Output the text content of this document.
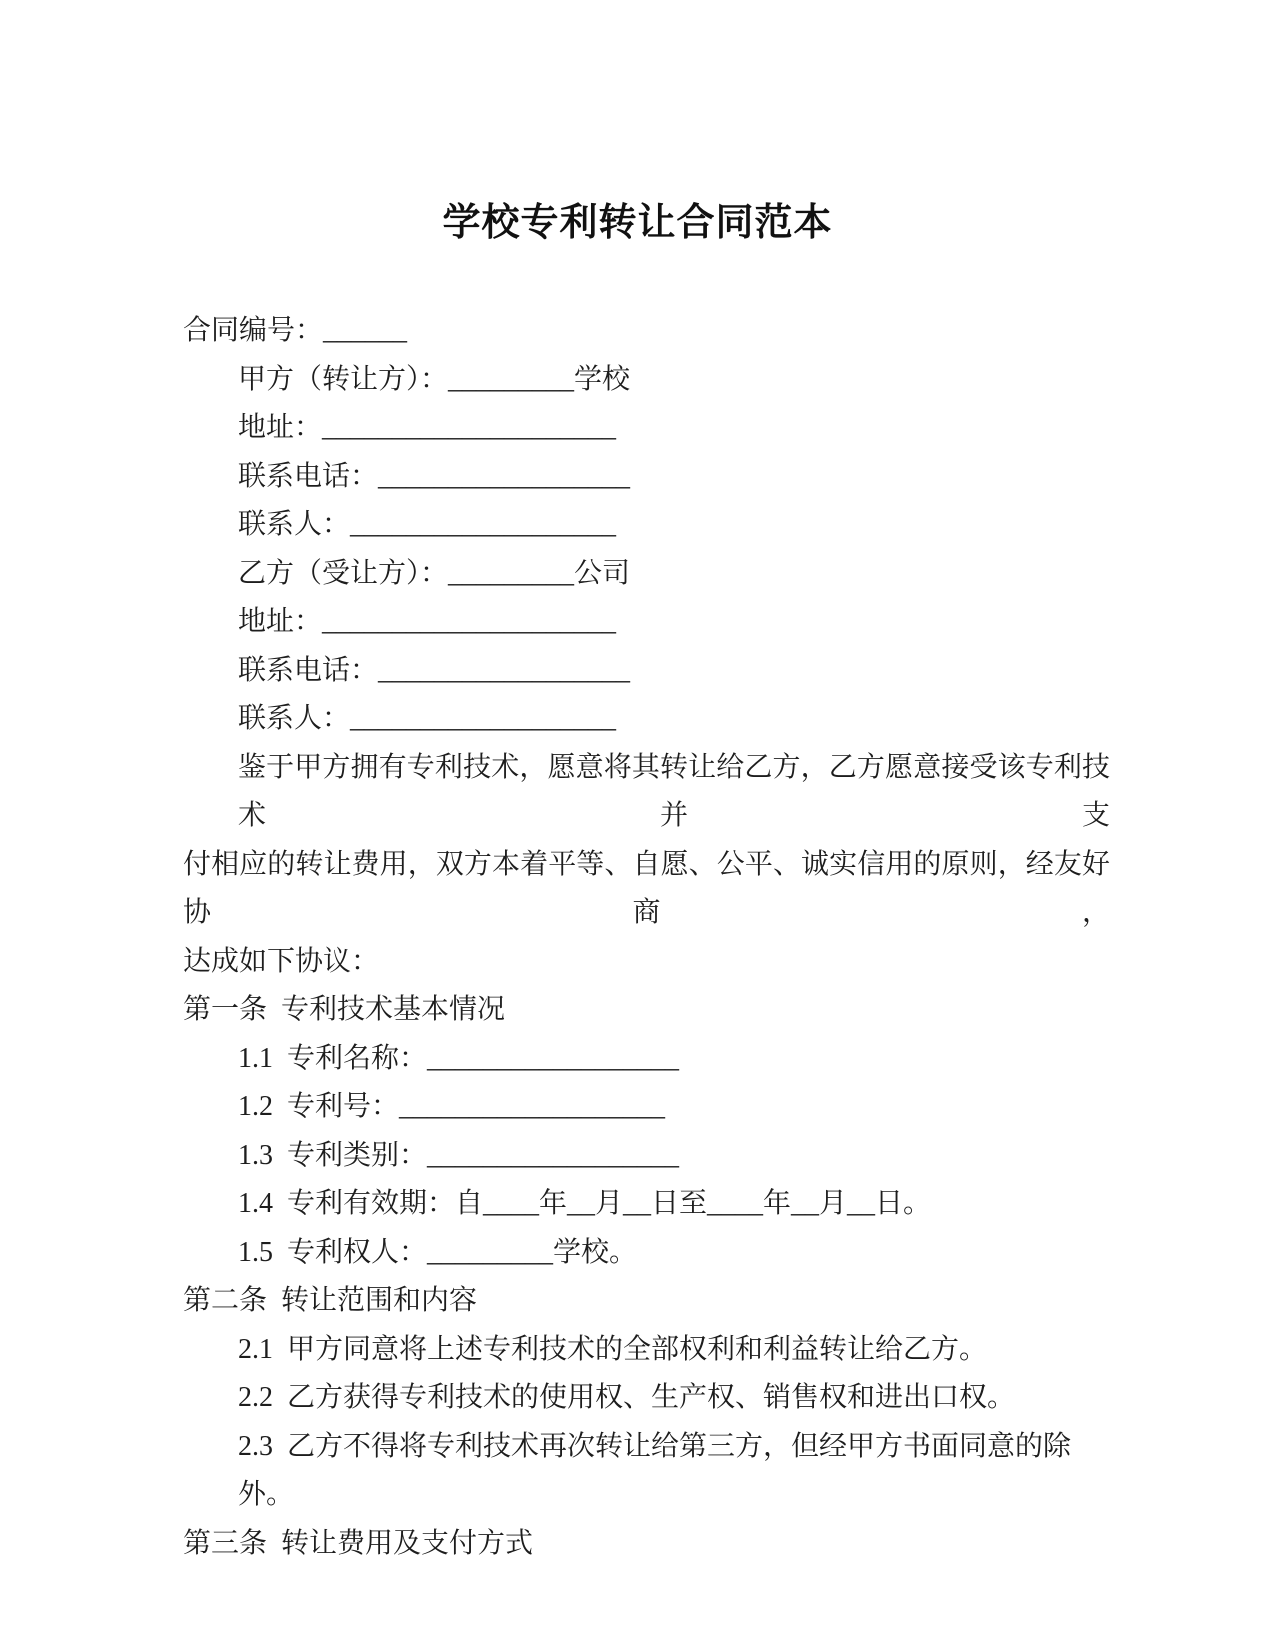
学校专利转让合同范本
合同编号：______
甲方（转让方）：_________学校
地址：_____________________
联系电话：__________________
联系人：___________________
乙方（受让方）：_________公司
地址：_____________________
联系电话：__________________
联系人：___________________
鉴于甲方拥有专利技术，愿意将其转让给乙方，乙方愿意接受该专利技术并支
付相应的转让费用，双方本着平等、自愿、公平、诚实信用的原则，经友好协商，
达成如下协议：
第一条  专利技术基本情况
1.1  专利名称：__________________
1.2  专利号：___________________
1.3  专利类别：__________________
1.4  专利有效期：自____年__月__日至____年__月__日。
1.5  专利权人：_________学校。
第二条  转让范围和内容
2.1  甲方同意将上述专利技术的全部权利和利益转让给乙方。
2.2  乙方获得专利技术的使用权、生产权、销售权和进出口权。
2.3  乙方不得将专利技术再次转让给第三方，但经甲方书面同意的除外。
第三条  转让费用及支付方式
